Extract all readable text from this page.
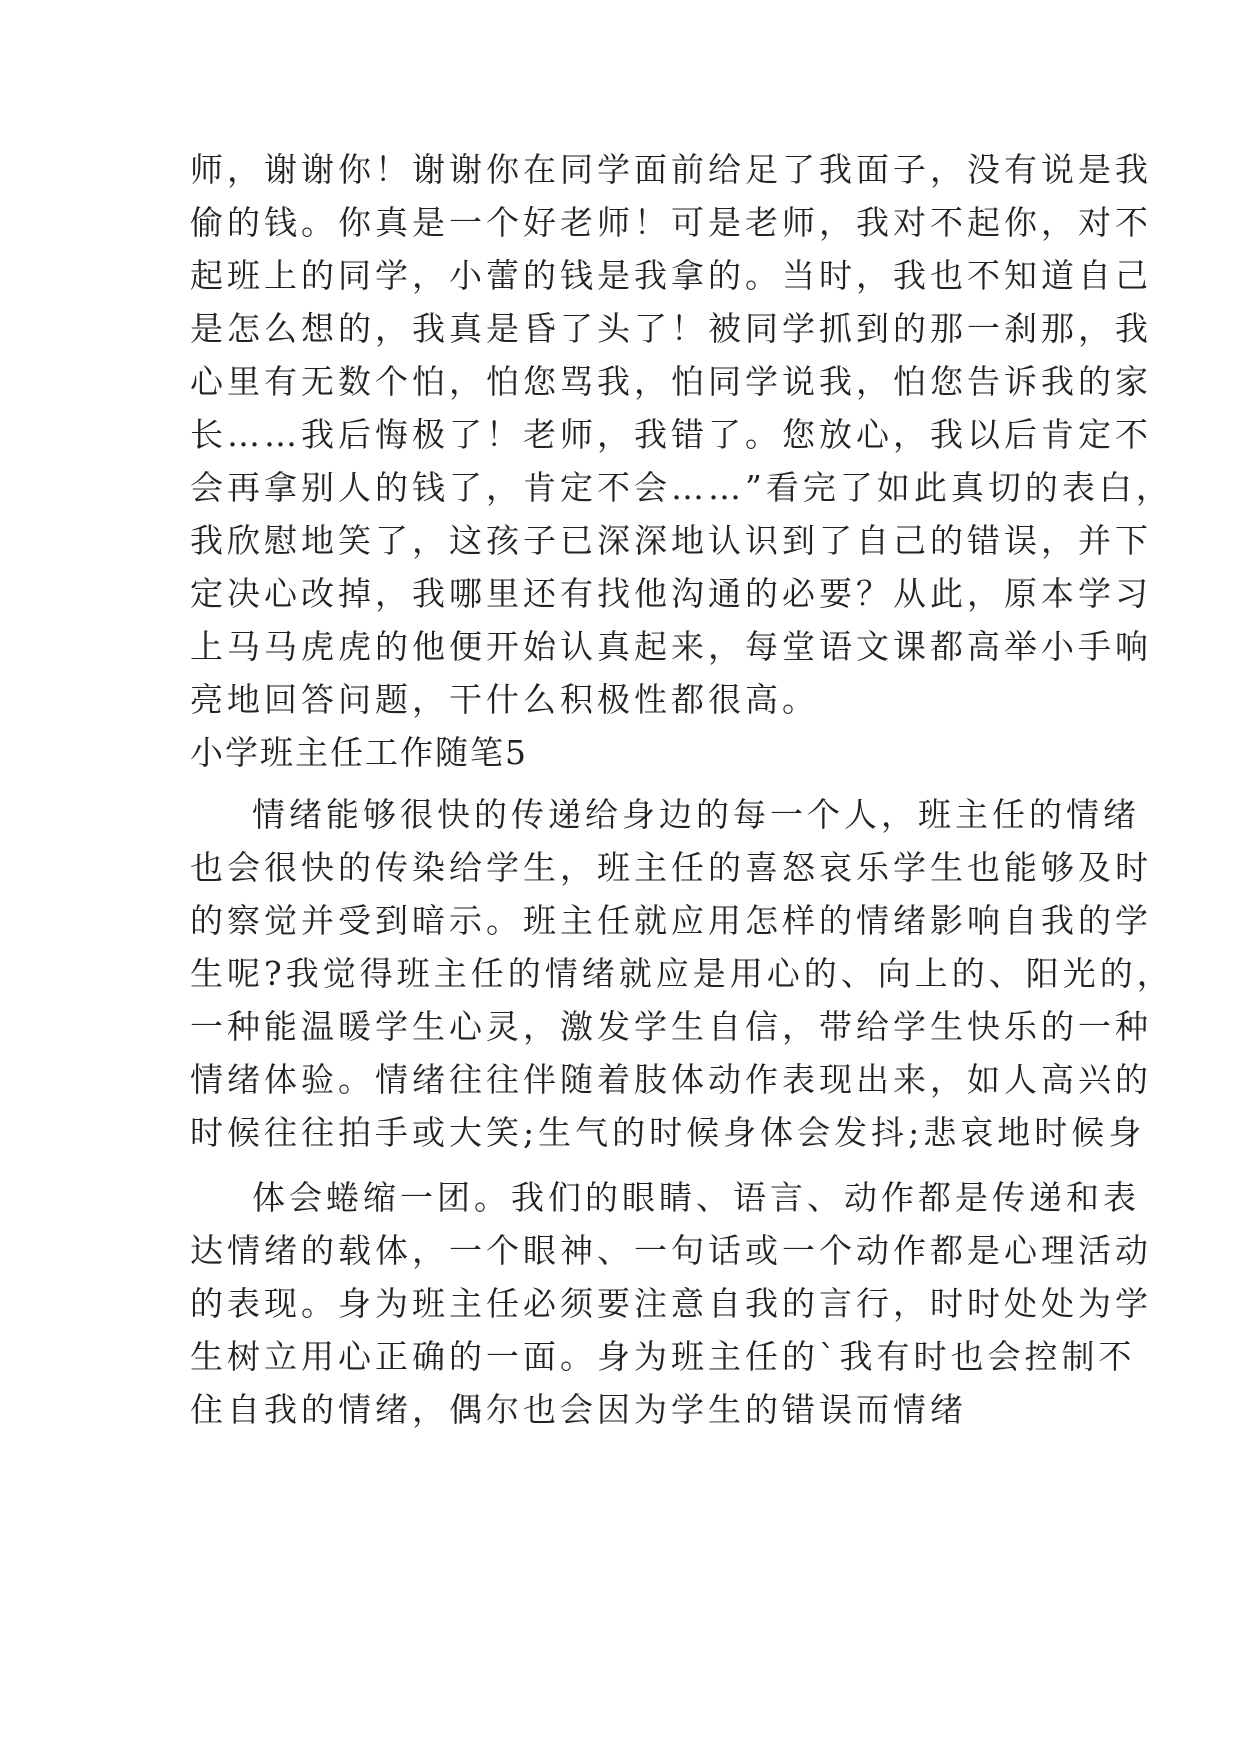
师，谢谢你！谢谢你在同学面前给足了我面子，没有说是我
偷的钱。你真是一个好老师！可是老师，我对不起你，对不
起班上的同学，小蕾的钱是我拿的。当时，我也不知道自己
是怎么想的，我真是昏了头了！被同学抓到的那一刹那，我
心里有无数个怕，怕您骂我，怕同学说我，怕您告诉我的家
长……我后悔极了！老师，我错了。您放心，我以后肯定不
会再拿别人的钱了，肯定不会……”看完了如此真切的表白，
我欣慰地笑了，这孩子已深深地认识到了自己的错误，并下
定决心改掉，我哪里还有找他沟通的必要？从此，原本学习
上马马虎虎的他便开始认真起来，每堂语文课都高举小手响
亮地回答问题，干什么积极性都很高。
小学班主任工作随笔5
情绪能够很快的传递给身边的每一个人，班主任的情绪
也会很快的传染给学生，班主任的喜怒哀乐学生也能够及时
的察觉并受到暗示。班主任就应用怎样的情绪影响自我的学
生呢?我觉得班主任的情绪就应是用心的、向上的、阳光的，
一种能温暖学生心灵，激发学生自信，带给学生快乐的一种
情绪体验。情绪往往伴随着肢体动作表现出来，如人高兴的
时候往往拍手或大笑;生气的时候身体会发抖;悲哀地时候身
体会蜷缩一团。我们的眼睛、语言、动作都是传递和表
达情绪的载体，一个眼神、一句话或一个动作都是心理活动
的表现。身为班主任必须要注意自我的言行，时时处处为学
生树立用心正确的一面。身为班主任的`我有时也会控制不
住自我的情绪，偶尔也会因为学生的错误而情绪
